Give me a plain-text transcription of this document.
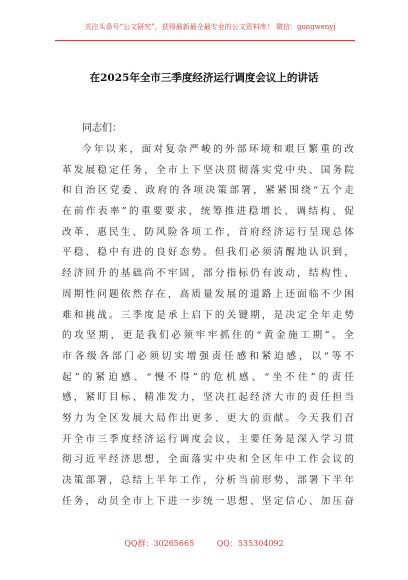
关注头条号“公文研究”，获得最新最全最专业的公文资料库！ 微信：gongwenyj
在2025年全市三季度经济运行调度会议上的讲话
同志们：
今年以来，面对复杂严峻的外部环境和艰巨繁重的改
革发展稳定任务，全市上下坚决贯彻落实党中央、国务院
和自治区党委、政府的各项决策部署，紧紧围绕“五个走
在前作表率”的重要要求，统筹推进稳增长、调结构、促
改革、惠民生、防风险各项工作，首府经济运行呈现总体
平稳、稳中有进的良好态势。但我们必须清醒地认识到，
经济回升的基础尚不牢固，部分指标仍有波动，结构性、
周期性问题依然存在，高质量发展的道路上还面临不少困
难和挑战。三季度是承上启下的关键期，是决定全年走势
的攻坚期，更是我们必须牢牢抓住的“黄金施工期”。全
市各级各部门必须切实增强责任感和紧迫感，以“等不
起”的紧迫感、“慢不得”的危机感、“坐不住”的责任
感，紧盯目标、精准发力，坚决扛起经济大市的责任担当
努力为全区发展大局作出更多、更大的贡献。今天我们召
开全市三季度经济运行调度会议，主要任务是深入学习贯
彻习近平经济思想，全面落实中央和全区年中工作会议的
决策部署，总结上半年工作，分析当前形势，部署下半年
任务，动员全市上下进一步统一思想、坚定信心、加压奋
QQ群：30265665	QQ：535304092
